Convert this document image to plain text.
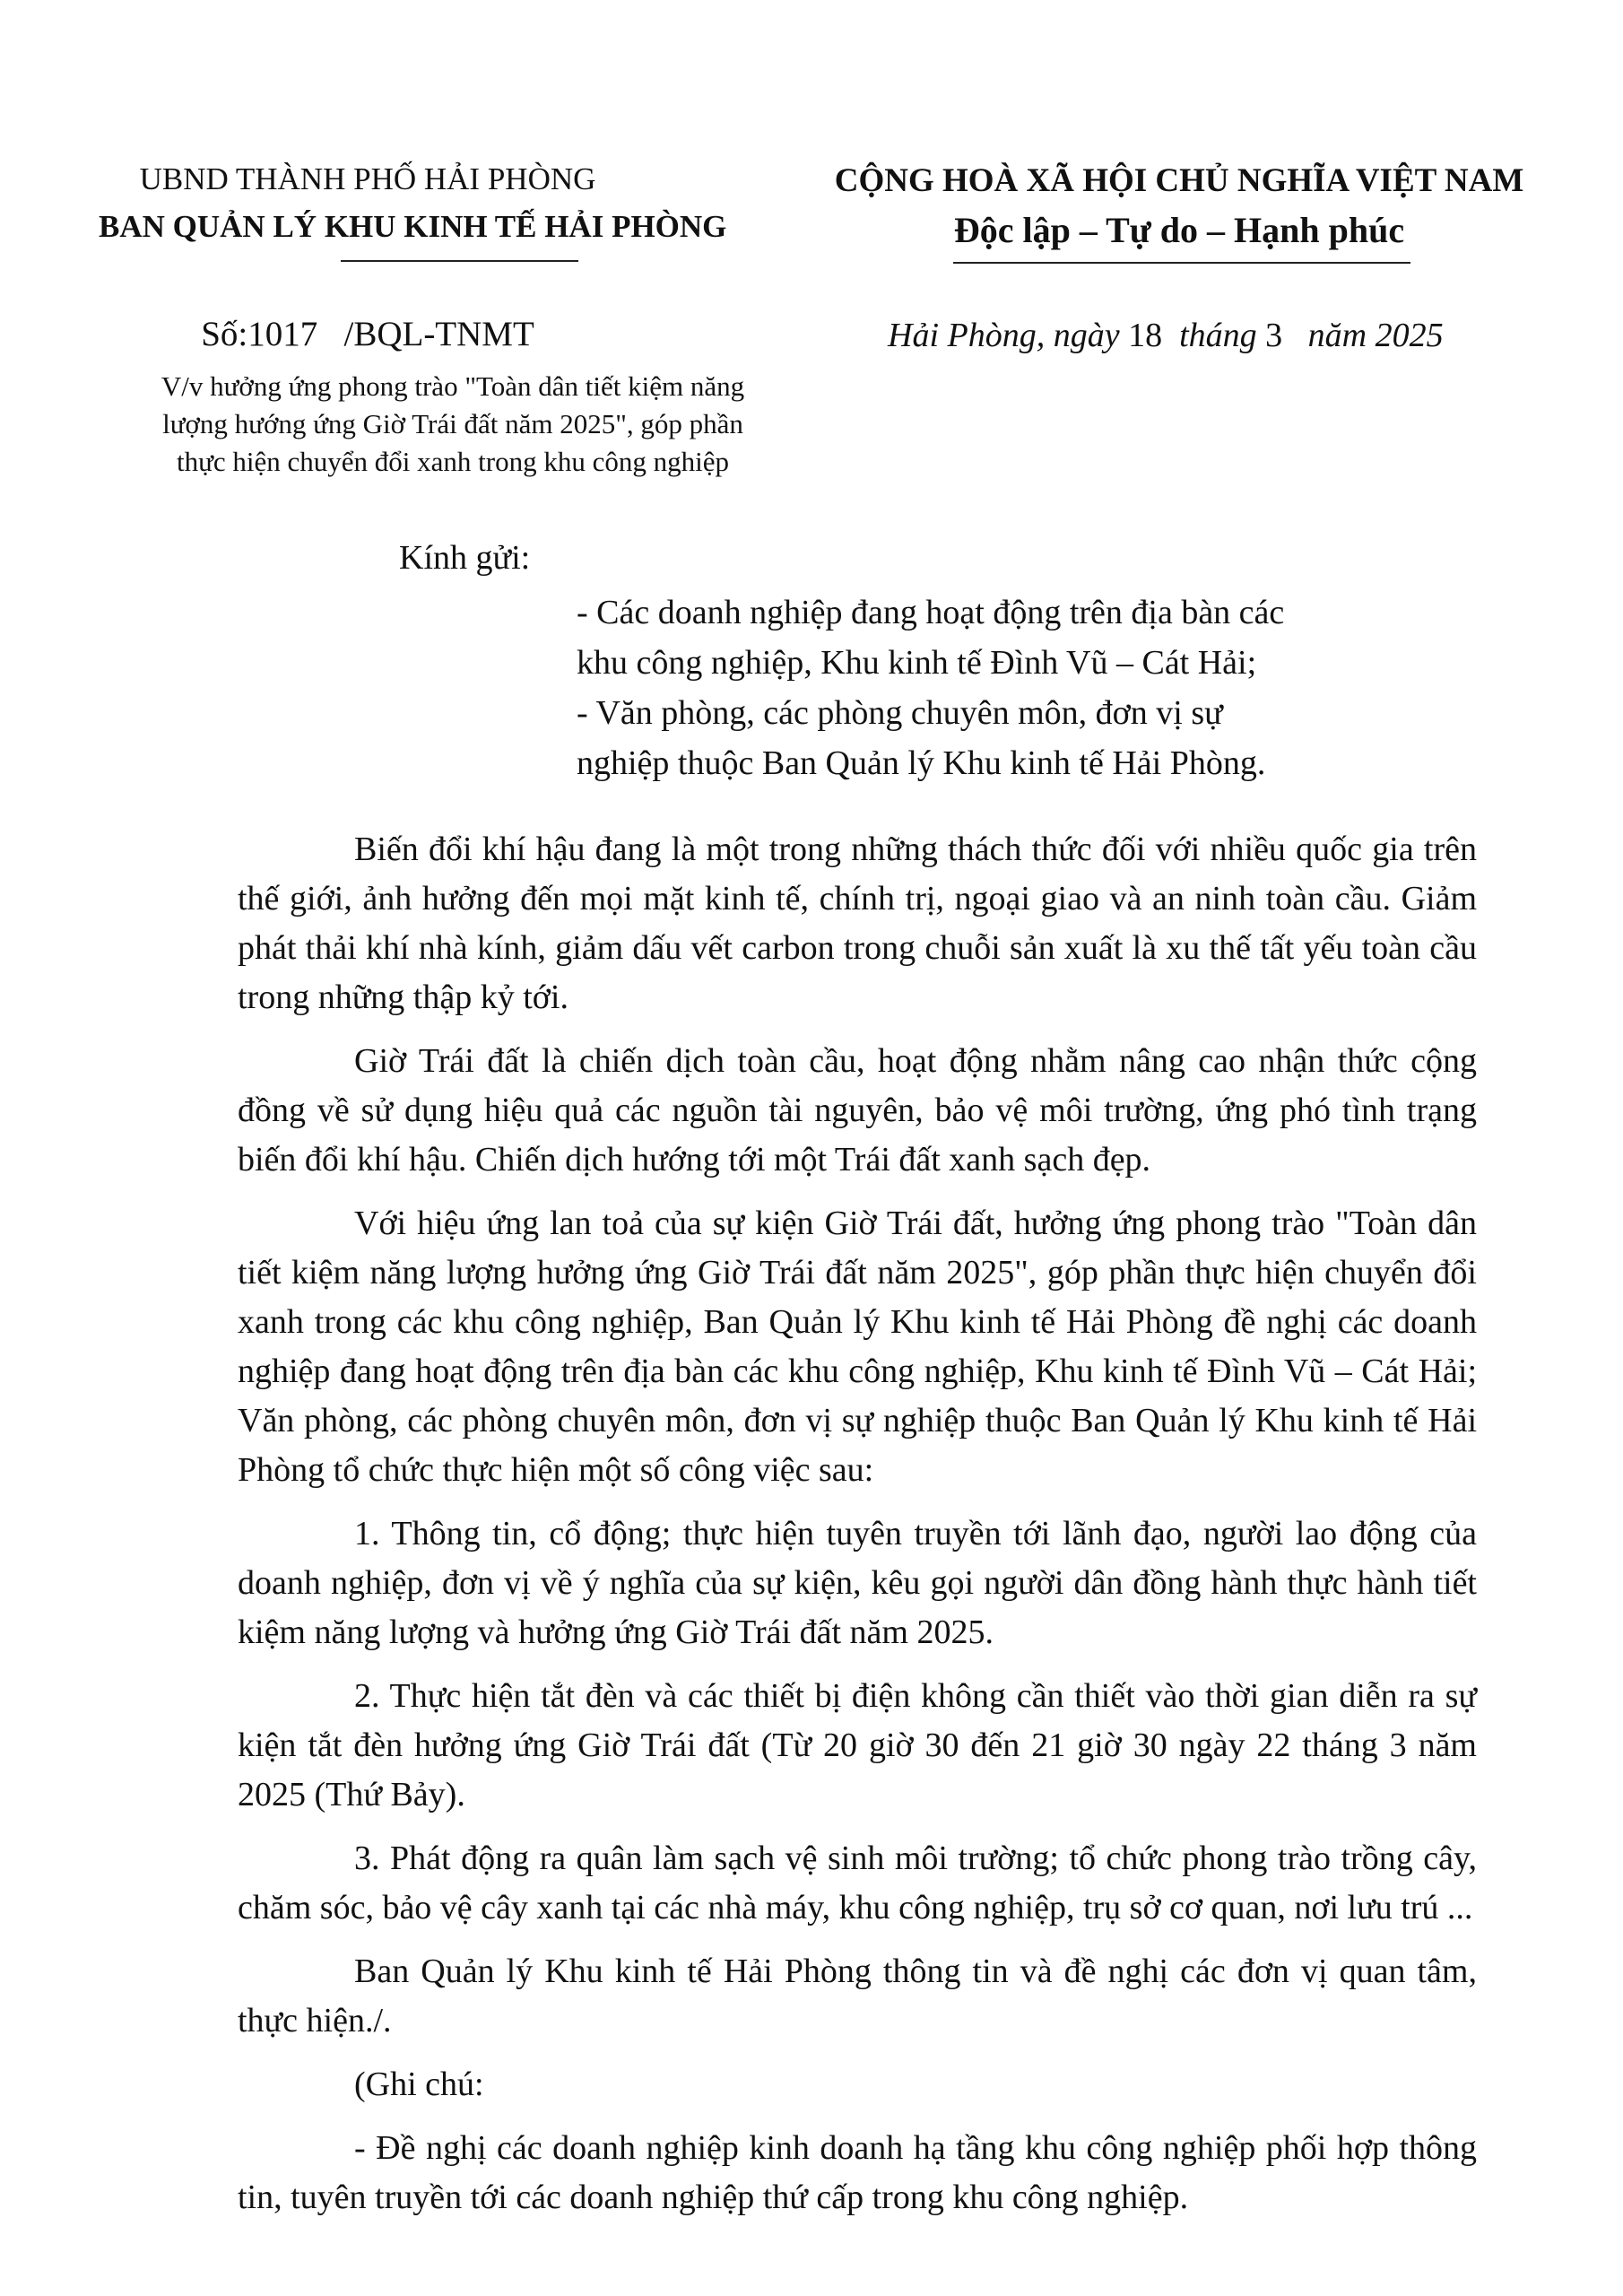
UBND THÀNH PHỐ HẢI PHÒNG
BAN QUẢN LÝ KHU KINH TẾ HẢI PHÒNG
CỘNG HOÀ XÃ HỘI CHỦ NGHĨA VIỆT NAM
Độc lập – Tự do – Hạnh phúc
Số:1017 /BQL-TNMT	Hải Phòng, ngày 18 tháng 3 năm 2025
V/v hưởng ứng phong trào "Toàn dân tiết kiệm năng
lượng hướng ứng Giờ Trái đất năm 2025", góp phần
thực hiện chuyển đổi xanh trong khu công nghiệp
Kính gửi:
- Các doanh nghiệp đang hoạt động trên địa bàn các
khu công nghiệp, Khu kinh tế Đình Vũ – Cát Hải;
- Văn phòng, các phòng chuyên môn, đơn vị sự
nghiệp thuộc Ban Quản lý Khu kinh tế Hải Phòng.

Biến đổi khí hậu đang là một trong những thách thức đối với nhiều quốc gia trên thế giới, ảnh hưởng đến mọi mặt kinh tế, chính trị, ngoại giao và an ninh toàn cầu. Giảm phát thải khí nhà kính, giảm dấu vết carbon trong chuỗi sản xuất là xu thế tất yếu toàn cầu trong những thập kỷ tới.

Giờ Trái đất là chiến dịch toàn cầu, hoạt động nhằm nâng cao nhận thức cộng đồng về sử dụng hiệu quả các nguồn tài nguyên, bảo vệ môi trường, ứng phó tình trạng biến đổi khí hậu. Chiến dịch hướng tới một Trái đất xanh sạch đẹp.

Với hiệu ứng lan toả của sự kiện Giờ Trái đất, hưởng ứng phong trào "Toàn dân tiết kiệm năng lượng hưởng ứng Giờ Trái đất năm 2025", góp phần thực hiện chuyển đổi xanh trong các khu công nghiệp, Ban Quản lý Khu kinh tế Hải Phòng đề nghị các doanh nghiệp đang hoạt động trên địa bàn các khu công nghiệp, Khu kinh tế Đình Vũ – Cát Hải; Văn phòng, các phòng chuyên môn, đơn vị sự nghiệp thuộc Ban Quản lý Khu kinh tế Hải Phòng tổ chức thực hiện một số công việc sau:

1. Thông tin, cổ động; thực hiện tuyên truyền tới lãnh đạo, người lao động của doanh nghiệp, đơn vị về ý nghĩa của sự kiện, kêu gọi người dân đồng hành thực hành tiết kiệm năng lượng và hưởng ứng Giờ Trái đất năm 2025.

2. Thực hiện tắt đèn và các thiết bị điện không cần thiết vào thời gian diễn ra sự kiện tắt đèn hưởng ứng Giờ Trái đất (Từ 20 giờ 30 đến 21 giờ 30 ngày 22 tháng 3 năm 2025 (Thứ Bảy).

3. Phát động ra quân làm sạch vệ sinh môi trường; tổ chức phong trào trồng cây, chăm sóc, bảo vệ cây xanh tại các nhà máy, khu công nghiệp, trụ sở cơ quan, nơi lưu trú ...

Ban Quản lý Khu kinh tế Hải Phòng thông tin và đề nghị các đơn vị quan tâm, thực hiện./.

(Ghi chú:

- Đề nghị các doanh nghiệp kinh doanh hạ tầng khu công nghiệp phối hợp thông tin, tuyên truyền tới các doanh nghiệp thứ cấp trong khu công nghiệp.
